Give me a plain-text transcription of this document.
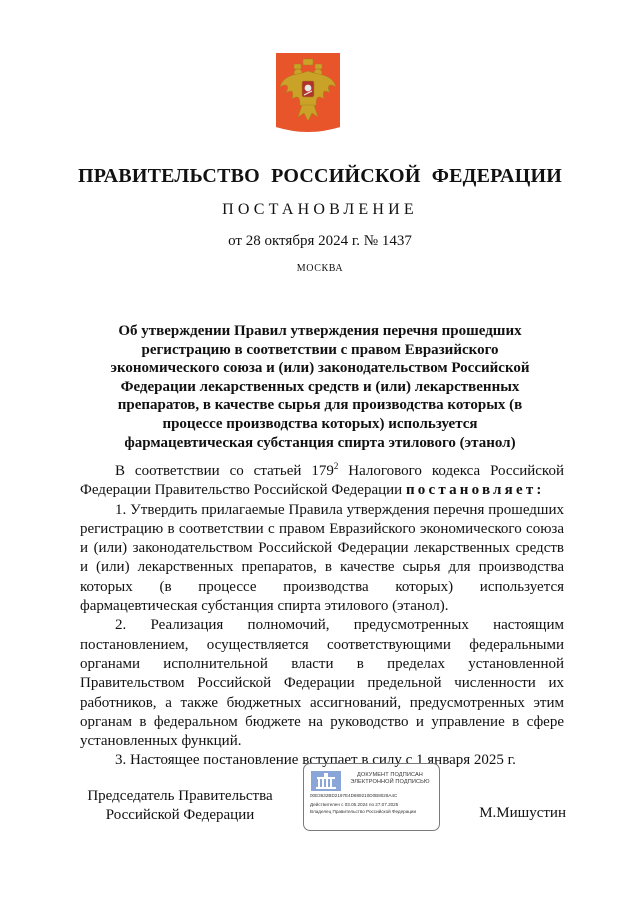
ПРАВИТЕЛЬСТВО РОССИЙСКОЙ ФЕДЕРАЦИИ
ПОСТАНОВЛЕНИЕ
от 28 октября 2024 г. № 1437
МОСКВА
Об утверждении Правил утверждения перечня прошедших регистрацию в соответствии с правом Евразийского экономического союза и (или) законодательством Российской Федерации лекарственных средств и (или) лекарственных препаратов, в качестве сырья для производства которых (в процессе производства которых) используется фармацевтическая субстанция спирта этилового (этанол)

В соответствии со статьей $179^2$ Налогового кодекса Российской Федерации Правительство Российской Федерации постановляет:

1. Утвердить прилагаемые Правила утверждения перечня прошедших регистрацию в соответствии с правом Евразийского экономического союза и (или) законодательством Российской Федерации лекарственных средств и (или) лекарственных препаратов, в качестве сырья для производства которых (в процессе производства которых) используется фармацевтическая субстанция спирта этилового (этанол).

2. Реализация полномочий, предусмотренных настоящим постановлением, осуществляется соответствующими федеральными органами исполнительной власти в пределах установленной Правительством Российской Федерации предельной численности их работников, а также бюджетных ассигнований, предусмотренных этим органам в федеральном бюджете на руководство и управление в сфере установленных функций.

3. Настоящее постановление вступает в силу с 1 января 2025 г.

Председатель Правительства
Российской Федерации
ДОКУМЕНТ ПОДПИСАН
ЭЛЕКТРОННОЙ ПОДПИСЬЮ
00E3632BD2197E4D889210D0B8028A4C
Действителен с 03.05.2024 по 27.07.2025
Владелец Правительство Российской Федерации	М.Мишустин
